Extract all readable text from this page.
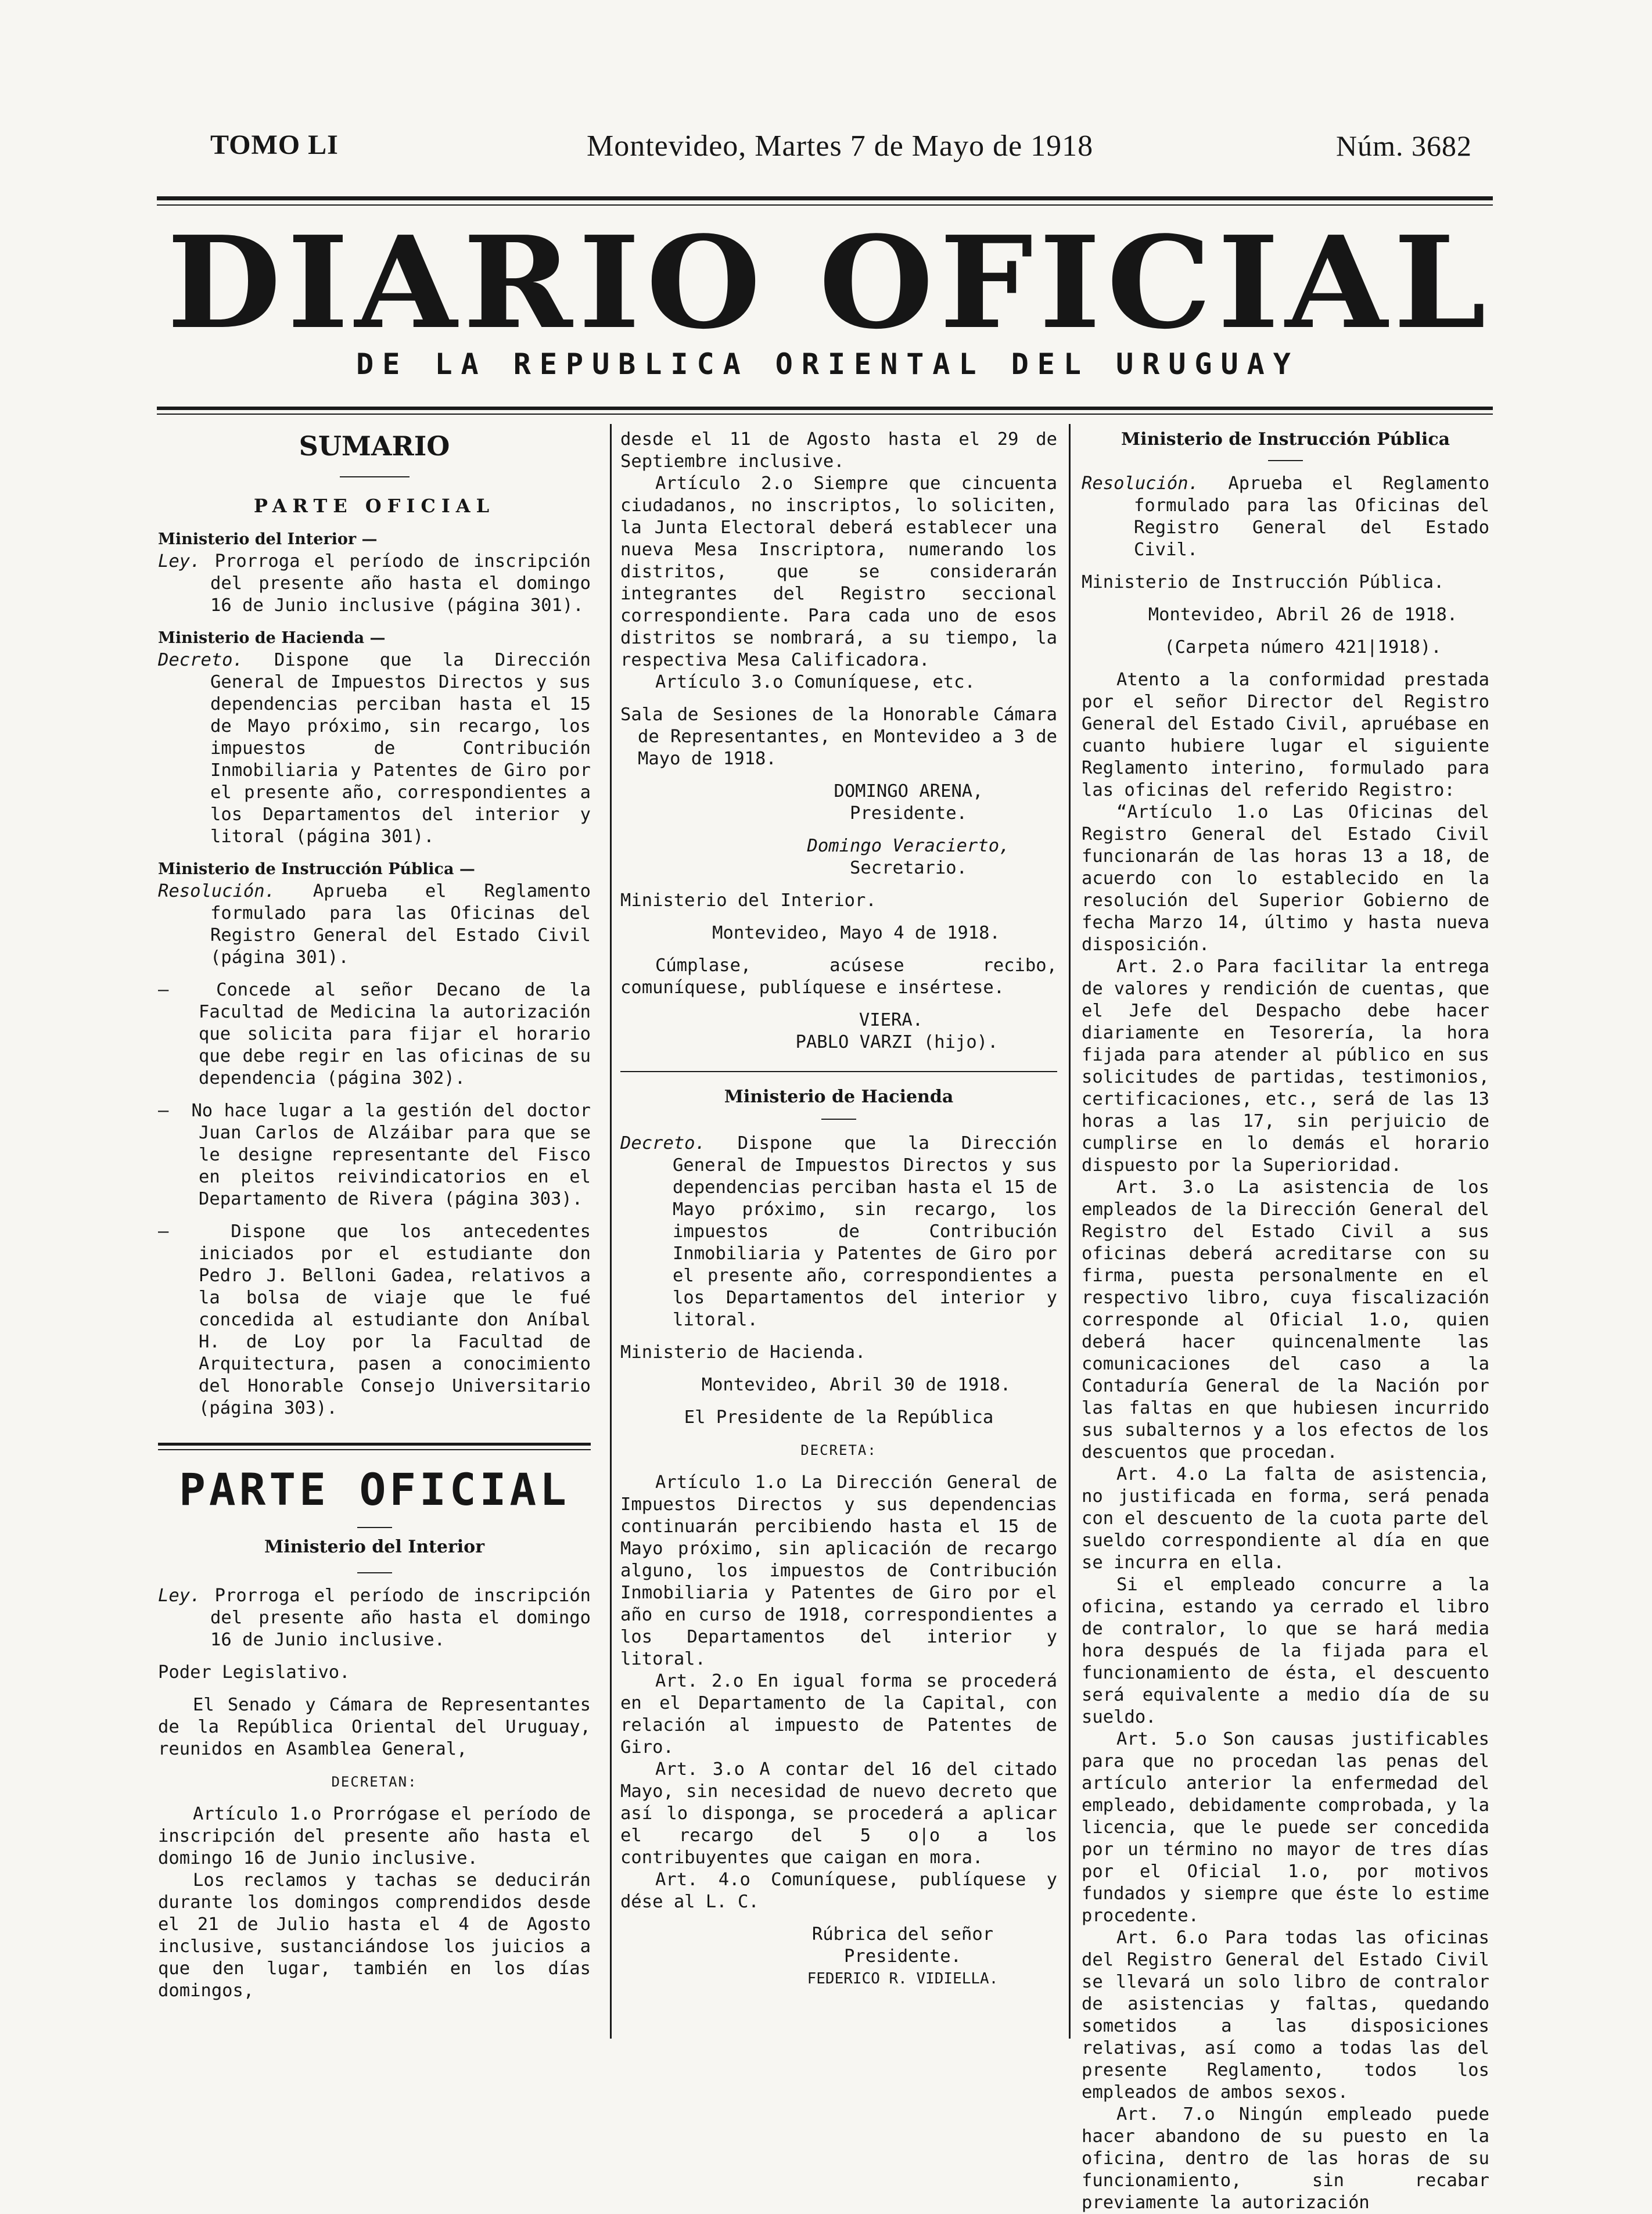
TOMO LI	Montevideo, Martes 7 de Mayo de 1918	Núm. 3682
DIARIO OFICIAL
DE LA REPUBLICA ORIENTAL DEL URUGUAY

SUMARIO

PARTE OFICIAL

Ministerio del Interior —

Ley. Prorroga el período de inscripción del presente año hasta el domingo 16 de Junio inclusive (página 301).

Ministerio de Hacienda —

Decreto. Dispone que la Dirección General de Impuestos Directos y sus dependencias perciban hasta el 15 de Mayo próximo, sin recargo, los impuestos de Contribución Inmobiliaria y Patentes de Giro por el presente año, correspondientes a los Departamentos del interior y litoral (página 301).

Ministerio de Instrucción Pública —

Resolución. Aprueba el Reglamento formulado para las Oficinas del Registro General del Estado Civil (página 301).

—	Concede al señor Decano de la Facultad de Medicina la autorización que solicita para fijar el horario que debe regir en las oficinas de su dependencia (página 302).

— No hace lugar a la gestión del doctor Juan Carlos de Alzáibar para que se le designe representante del Fisco en pleitos reivindicatorios en el Departamento de Rivera (página 303).

—	Dispone que los antecedentes iniciados por el estudiante don Pedro J. Belloni Gadea, relativos a la bolsa de viaje que le fué concedida al estudiante don Aníbal H. de Loy por la Facultad de Arquitectura, pasen a conocimiento del Honorable Consejo Universitario (página 303).

PARTE OFICIAL

Ministerio del Interior

Ley. Prorroga el período de inscripción del presente año hasta el domingo 16 de Junio inclusive.

Poder Legislativo.

El Senado y Cámara de Representantes de la República Oriental del Uruguay, reunidos en Asamblea General,

DECRETAN:

Artículo 1.o Prorrógase el período de inscripción del presente año hasta el domingo 16 de Junio inclusive.

Los reclamos y tachas se deducirán durante los domingos comprendidos desde el 21 de Julio hasta el 4 de Agosto inclusive, sustanciándose los juicios a que den lugar, también en los días domingos,

desde el 11 de Agosto hasta el 29 de Septiembre inclusive.

Artículo 2.o Siempre que cincuenta ciudadanos, no inscriptos, lo soliciten, la Junta Electoral deberá establecer una nueva Mesa Inscriptora, numerando los distritos, que se considerarán integrantes del Registro seccional correspondiente. Para cada uno de esos distritos se nombrará, a su tiempo, la respectiva Mesa Calificadora.

Artículo 3.o Comuníquese, etc.

Sala de Sesiones de la Honorable Cámara de Representantes, en Montevideo a 3 de Mayo de 1918.

DOMINGO ARENA,

Presidente.

Domingo Veracierto,

Secretario.

Ministerio del Interior.

Montevideo, Mayo 4 de 1918.

Cúmplase, acúsese recibo, comuníquese, publíquese e insértese.

VIERA.

PABLO VARZI (hijo).

Ministerio de Hacienda

Decreto. Dispone que la Dirección General de Impuestos Directos y sus dependencias perciban hasta el 15 de Mayo próximo, sin recargo, los impuestos de Contribución Inmobiliaria y Patentes de Giro por el presente año, correspondientes a los Departamentos del interior y litoral.

Ministerio de Hacienda.

Montevideo, Abril 30 de 1918.

El Presidente de la República

DECRETA:

Artículo 1.o La Dirección General de Impuestos Directos y sus dependencias continuarán percibiendo hasta el 15 de Mayo próximo, sin aplicación de recargo alguno, los impuestos de Contribución Inmobiliaria y Patentes de Giro por el año en curso de 1918, correspondientes a los Departamentos del interior y litoral.

Art. 2.o En igual forma se procederá en el Departamento de la Capital, con relación al impuesto de Patentes de Giro.

Art. 3.o A contar del 16 del citado Mayo, sin necesidad de nuevo decreto que así lo disponga, se procederá a aplicar el recargo del 5 o|o a los contribuyentes que caigan en mora.

Art. 4.o Comuníquese, publíquese y dése al L. C.

Rúbrica del señor Presidente.

FEDERICO R. VIDIELLA.

Ministerio de Instrucción Pública

Resolución. Aprueba el Reglamento formulado para las Oficinas del Registro General del Estado Civil.

Ministerio de Instrucción Pública.

Montevideo, Abril 26 de 1918.

(Carpeta número 421|1918).

Atento a la conformidad prestada por el señor Director del Registro General del Estado Civil, apruébase en cuanto hubiere lugar el siguiente Reglamento interino, formulado para las oficinas del referido Registro:

“Artículo 1.o Las Oficinas del Registro General del Estado Civil funcionarán de las horas 13 a 18, de acuerdo con lo establecido en la resolución del Superior Gobierno de fecha Marzo 14, último y hasta nueva disposición.

Art. 2.o Para facilitar la entrega de valores y rendición de cuentas, que el Jefe del Despacho debe hacer diariamente en Tesorería, la hora fijada para atender al público en sus solicitudes de partidas, testimonios, certificaciones, etc., será de las 13 horas a las 17, sin perjuicio de cumplirse en lo demás el horario dispuesto por la Superioridad.

Art. 3.o La asistencia de los empleados de la Dirección General del Registro del Estado Civil a sus oficinas deberá acreditarse con su firma, puesta personalmente en el respectivo libro, cuya fiscalización corresponde al Oficial 1.o, quien deberá hacer quincenalmente las comunicaciones del caso a la Contaduría General de la Nación por las faltas en que hubiesen incurrido sus subalternos y a los efectos de los descuentos que procedan.

Art. 4.o La falta de asistencia, no justificada en forma, será penada con el descuento de la cuota parte del sueldo correspondiente al día en que se incurra en ella.

Si el empleado concurre a la oficina, estando ya cerrado el libro de contralor, lo que se hará media hora después de la fijada para el funcionamiento de ésta, el descuento será equivalente a medio día de su sueldo.

Art. 5.o Son causas justificables para que no procedan las penas del artículo anterior la enfermedad del empleado, debidamente comprobada, y la licencia, que le puede ser concedida por un término no mayor de tres días por el Oficial 1.o, por motivos fundados y siempre que éste lo estime procedente.

Art. 6.o Para todas las oficinas del Registro General del Estado Civil se llevará un solo libro de contralor de asistencias y faltas, quedando sometidos a las disposiciones relativas, así como a todas las del presente Reglamento, todos los empleados de ambos sexos.

Art. 7.o Ningún empleado puede hacer abandono de su puesto en la oficina, dentro de las horas de su funcionamiento, sin recabar previamente la autorización
